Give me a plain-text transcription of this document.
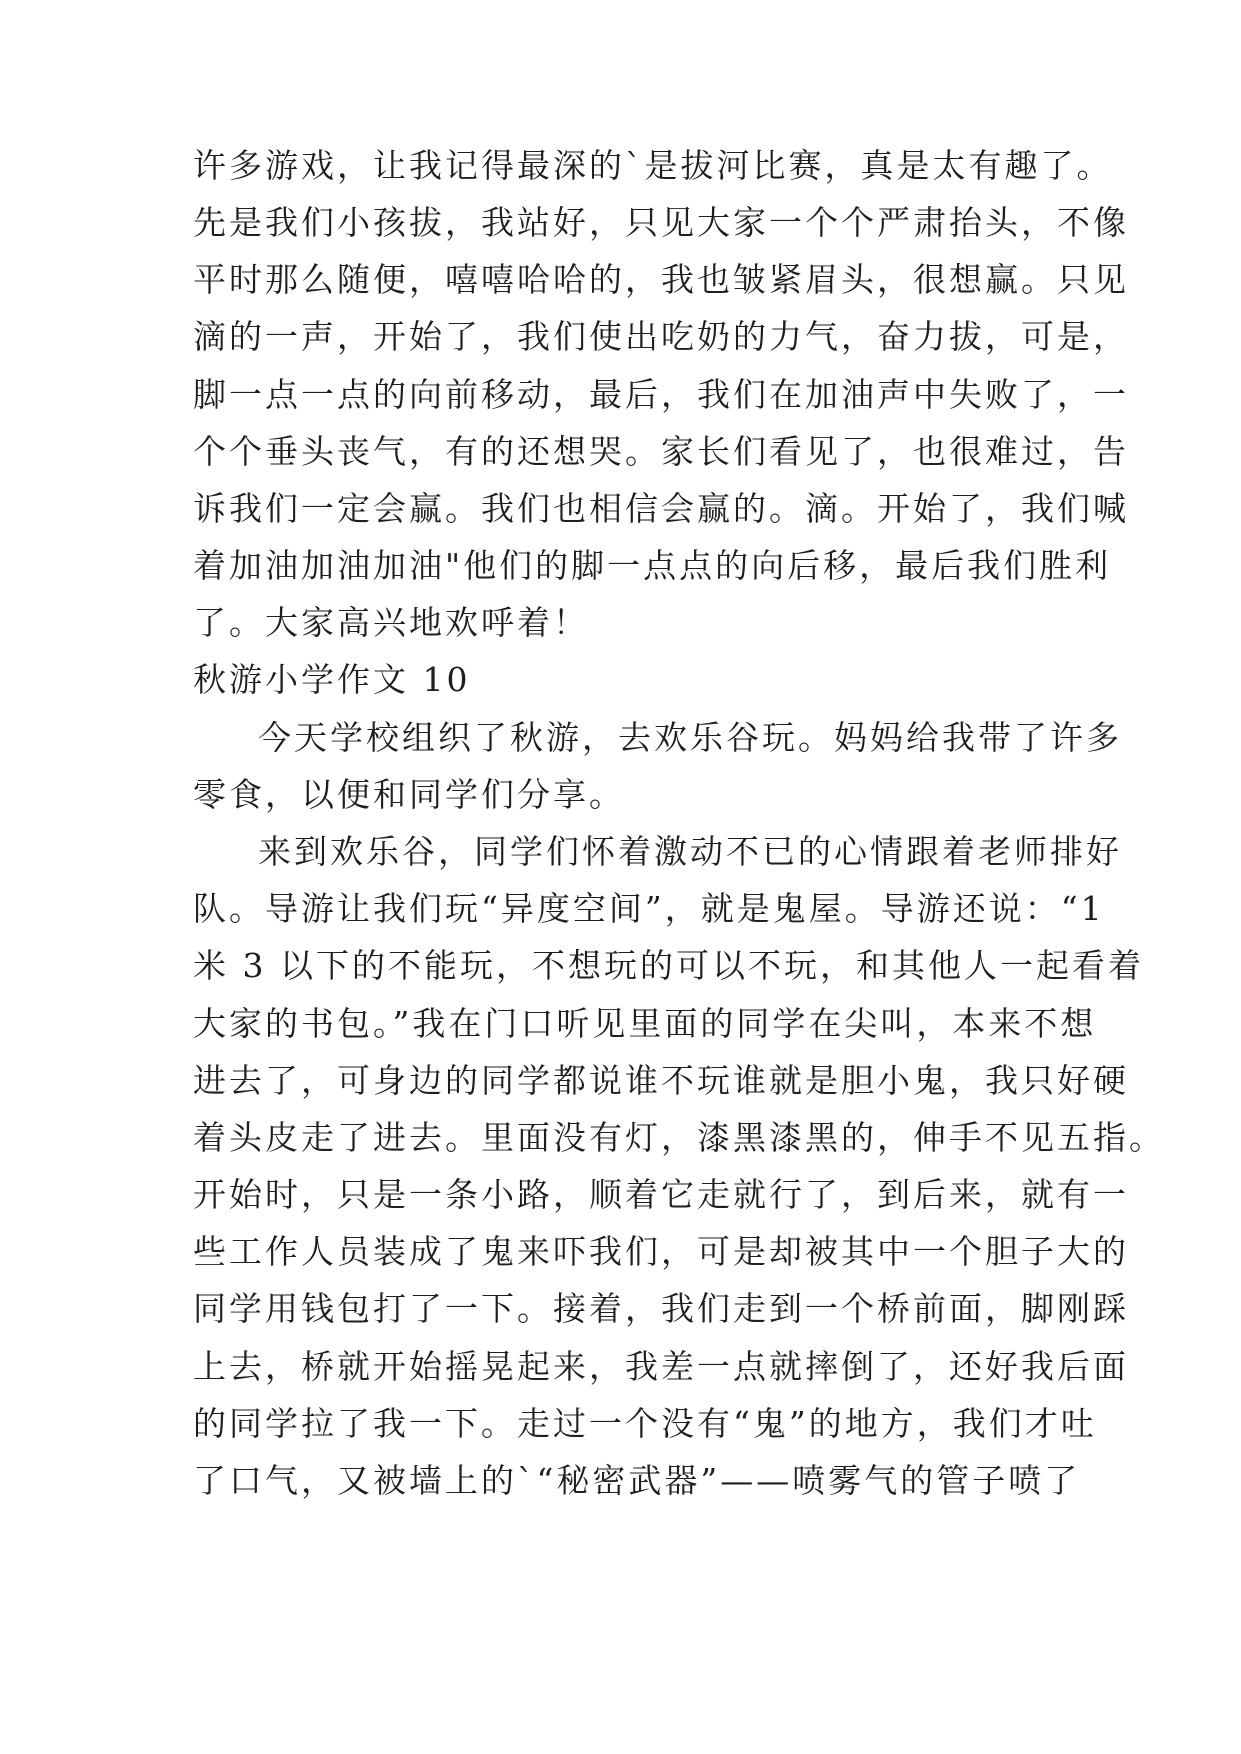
许多游戏，让我记得最深的`是拔河比赛，真是太有趣了。
先是我们小孩拔，我站好，只见大家一个个严肃抬头，不像
平时那么随便，嘻嘻哈哈的，我也皱紧眉头，很想赢。只见
滴的一声，开始了，我们使出吃奶的力气，奋力拔，可是，
脚一点一点的向前移动，最后，我们在加油声中失败了，一
个个垂头丧气，有的还想哭。家长们看见了，也很难过，告
诉我们一定会赢。我们也相信会赢的。滴。开始了，我们喊
着加油加油加油"他们的脚一点点的向后移，最后我们胜利
了。大家高兴地欢呼着！
秋游小学作文 10
今天学校组织了秋游，去欢乐谷玩。妈妈给我带了许多
零食，以便和同学们分享。
来到欢乐谷，同学们怀着激动不已的心情跟着老师排好
队。导游让我们玩“异度空间”，就是鬼屋。导游还说：“1
米 3 以下的不能玩，不想玩的可以不玩，和其他人一起看着
大家的书包。”我在门口听见里面的同学在尖叫，本来不想
进去了，可身边的同学都说谁不玩谁就是胆小鬼，我只好硬
着头皮走了进去。里面没有灯，漆黑漆黑的，伸手不见五指。
开始时，只是一条小路，顺着它走就行了，到后来，就有一
些工作人员装成了鬼来吓我们，可是却被其中一个胆子大的
同学用钱包打了一下。接着，我们走到一个桥前面，脚刚踩
上去，桥就开始摇晃起来，我差一点就摔倒了，还好我后面
的同学拉了我一下。走过一个没有“鬼”的地方，我们才吐
了口气，又被墙上的`“秘密武器”——喷雾气的管子喷了
